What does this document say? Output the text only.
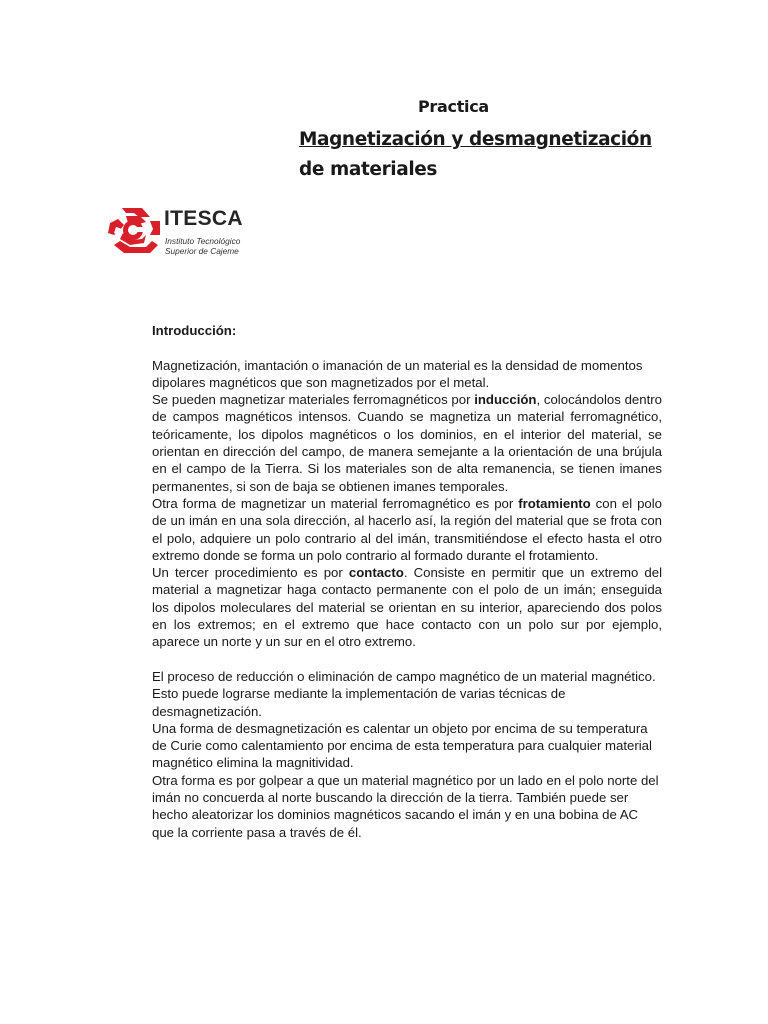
Practica
Magnetización y desmagnetización
de materiales
ITESCA
Instituto Tecnológico
Superior de Cajeme
Introducción:

Magnetización, imantación o imanación de un material es la densidad de momentos dipolares magnéticos que son magnetizados por el metal.

Se pueden magnetizar materiales ferromagnéticos por inducción, colocándolos dentro de campos magnéticos intensos. Cuando se magnetiza un material ferromagnético, teóricamente, los dipolos magnéticos o los dominios, en el interior del material, se orientan en dirección del campo, de manera semejante a la orientación de una brújula en el campo de la Tierra. Si los materiales son de alta remanencia, se tienen imanes permanentes, si son de baja se obtienen imanes temporales.

Otra forma de magnetizar un material ferromagnético es por frotamiento con el polo de un imán en una sola dirección, al hacerlo así, la región del material que se frota con el polo, adquiere un polo contrario al del imán, transmitiéndose el efecto hasta el otro extremo donde se forma un polo contrario al formado durante el frotamiento.

Un tercer procedimiento es por contacto. Consiste en permitir que un extremo del material a magnetizar haga contacto permanente con el polo de un imán; enseguida los dipolos moleculares del material se orientan en su interior, apareciendo dos polos en los extremos; en el extremo que hace contacto con un polo sur por ejemplo, aparece un norte y un sur en el otro extremo.

El proceso de reducción o eliminación de campo magnético de un material magnético. Esto puede lograrse mediante la implementación de varias técnicas de desmagnetización.

Una forma de desmagnetización es calentar un objeto por encima de su temperatura de Curie como calentamiento por encima de esta temperatura para cualquier material magnético elimina la magnitividad.

Otra forma es por golpear a que un material magnético por un lado en el polo norte del imán no concuerda al norte buscando la dirección de la tierra. También puede ser hecho aleatorizar los dominios magnéticos sacando el imán y en una bobina de AC que la corriente pasa a través de él.
